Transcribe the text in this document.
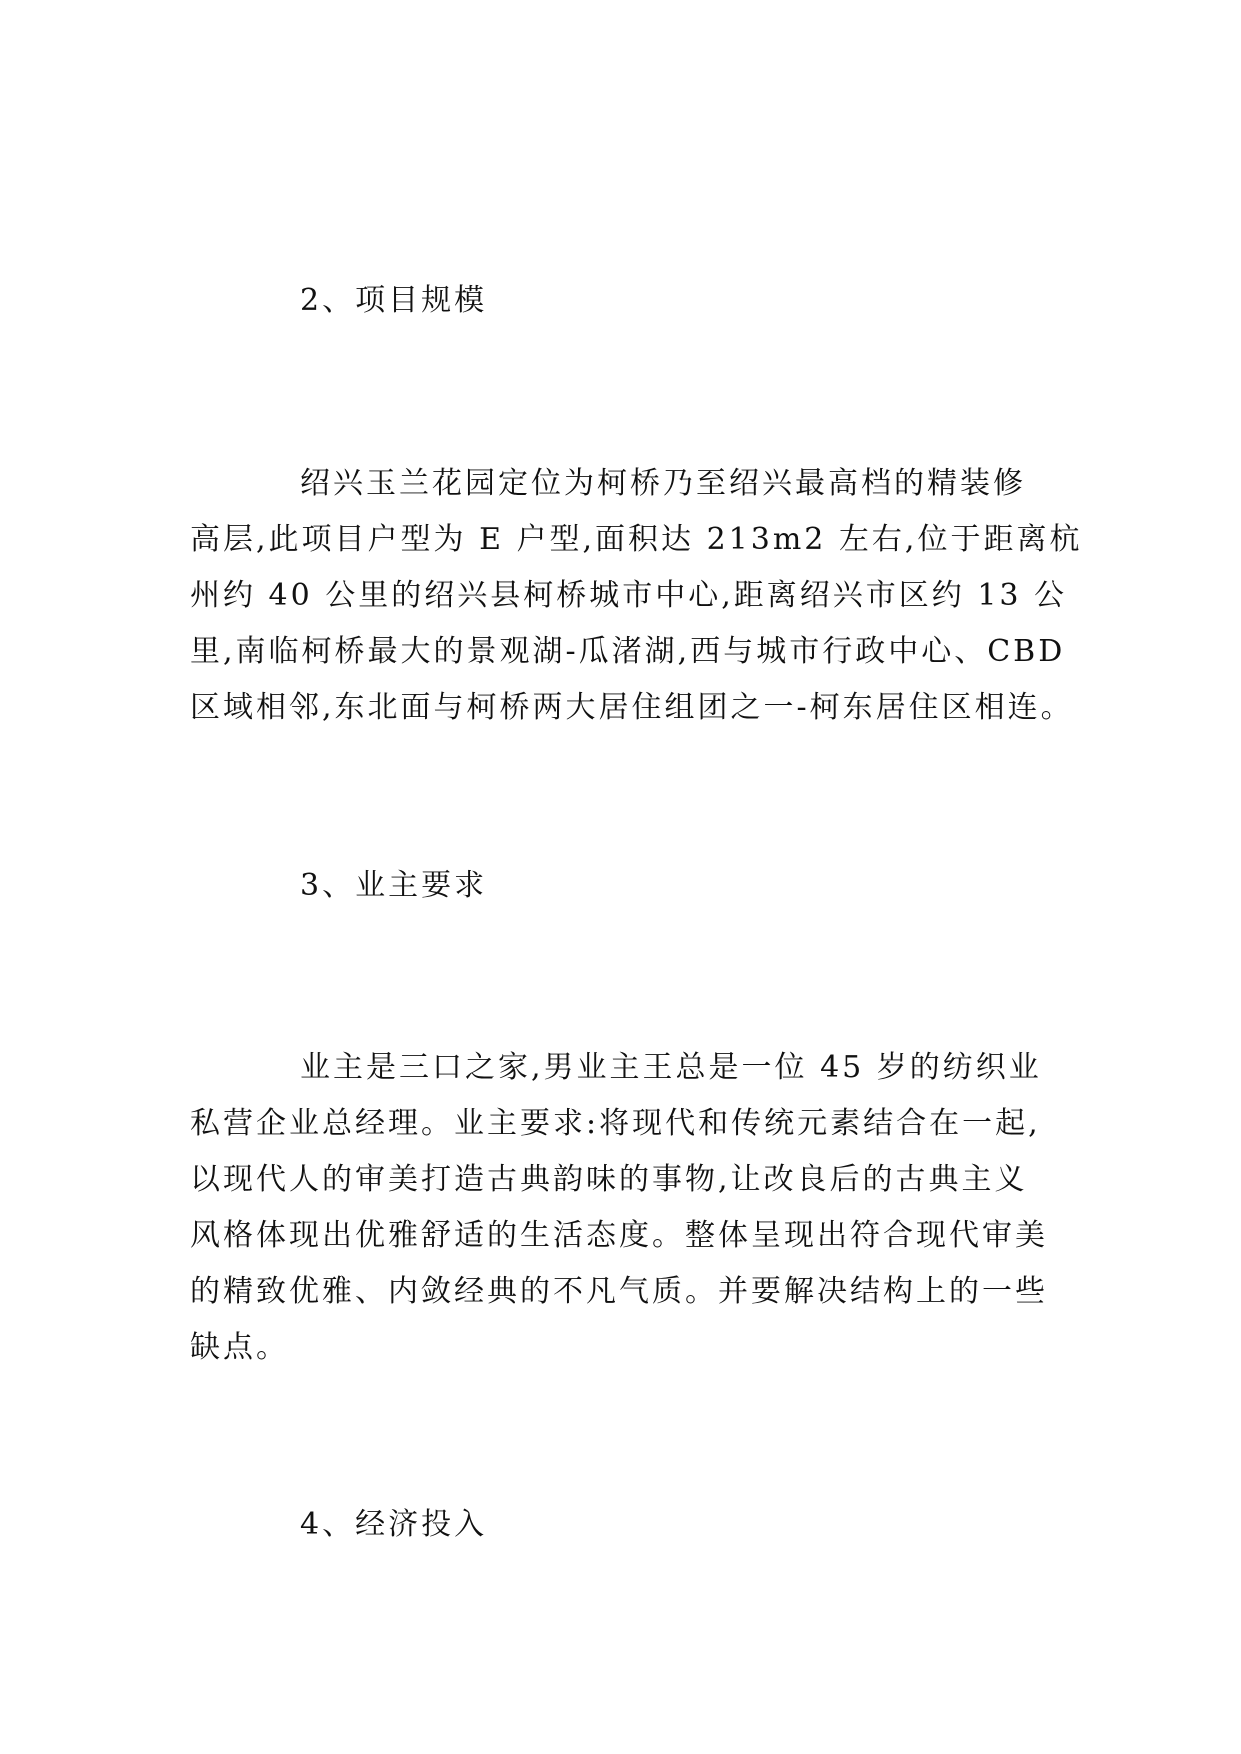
2、项目规模
绍兴玉兰花园定位为柯桥乃至绍兴最高档的精装修
高层,此项目户型为 E 户型,面积达 213m2 左右,位于距离杭
州约 40 公里的绍兴县柯桥城市中心,距离绍兴市区约 13 公
里,南临柯桥最大的景观湖-瓜渚湖,西与城市行政中心、CBD
区域相邻,东北面与柯桥两大居住组团之一-柯东居住区相连。
3、业主要求
业主是三口之家,男业主王总是一位 45 岁的纺织业
私营企业总经理。业主要求:将现代和传统元素结合在一起,
以现代人的审美打造古典韵味的事物,让改良后的古典主义
风格体现出优雅舒适的生活态度。整体呈现出符合现代审美
的精致优雅、内敛经典的不凡气质。并要解决结构上的一些
缺点。
4、经济投入
